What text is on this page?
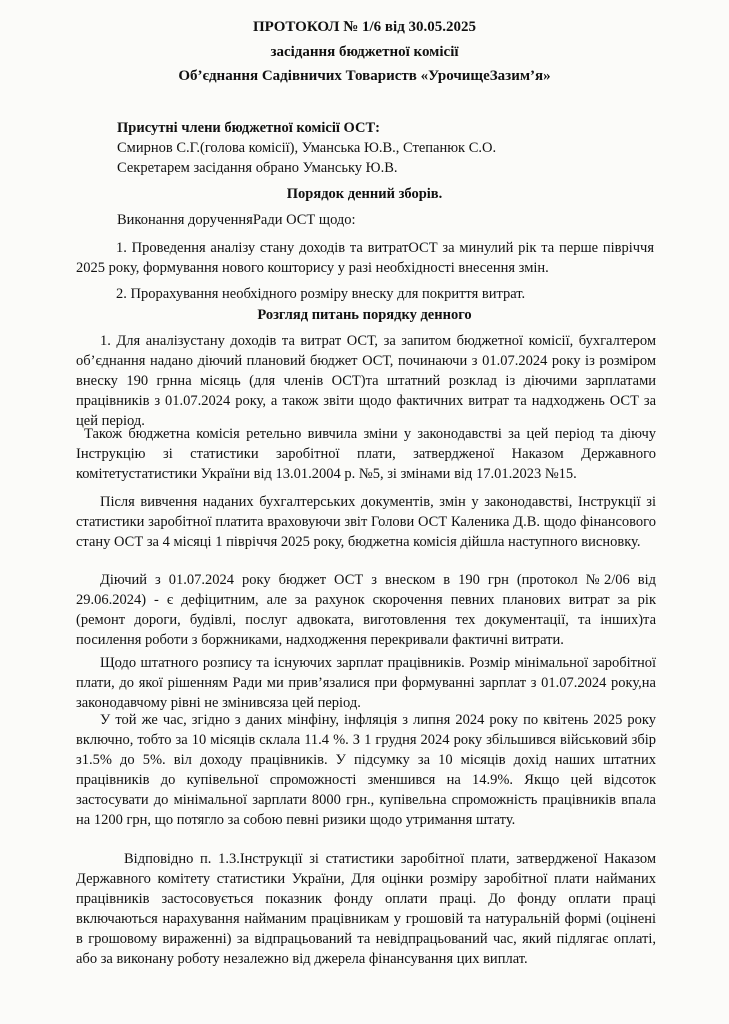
ПРОТОКОЛ № 1/6 від 30.05.2025
засідання бюджетної комісії
Об’єднання Садівничих Товариств «УрочищеЗазим’я»
Присутні члени бюджетної комісії ОСТ:
Смирнов С.Г.(голова комісії), Уманська Ю.В., Степанюк С.О.
Секретарем засідання обрано Уманську Ю.В.
Порядок денний зборів.
Виконання дорученняРади ОСТ щодо:
1. Проведення аналізу стану доходів та витратОСТ за минулий рік та перше півріччя 2025 року, формування нового кошторису у разі необхідності внесення змін.
2. Прорахування необхідного розміру внеску для покриття витрат.
Розгляд питань порядку денного
1. Для аналізустану доходів та витрат ОСТ, за запитом бюджетної комісії, бухгалтером об’єднання надано діючий плановий бюджет ОСТ, починаючи з 01.07.2024 року із розміром внеску 190 грнна місяць (для членів ОСТ)та штатний розклад із діючими зарплатами працівників з 01.07.2024 року, а також звіти щодо фактичних витрат та надходжень ОСТ за цей період.
Також бюджетна комісія ретельно вивчила зміни у законодавстві за цей період та діючу Інструкцію зі статистики заробітної плати, затвердженої Наказом Державного комітетустатистики України від 13.01.2004 р. №5, зі змінами від 17.01.2023 №15.
Після вивчення наданих бухгалтерських документів, змін у законодавстві, Інструкції зі статистики заробітної платита враховуючи звіт Голови ОСТ Каленика Д.В. щодо фінансового стану ОСТ за 4 місяці 1 півріччя 2025 року, бюджетна комісія дійшла наступного висновку.
Діючий з 01.07.2024 року бюджет ОСТ з внеском в 190 грн (протокол №2/06 від 29.06.2024) - є дефіцитним, але за рахунок скорочення певних планових витрат за рік (ремонт дороги, будівлі, послуг адвоката, виготовлення тех документації, та інших)та посилення роботи з боржниками, надходження перекривали фактичні витрати.
Щодо штатного розпису та існуючих зарплат працівників. Розмір мінімальної заробітної плати, до якої рішенням Ради ми прив’язалися при формуванні зарплат з 01.07.2024 року,на законодавчому рівні не змінивсяза цей період.
У той же час, згідно з даних мінфіну, інфляція з липня 2024 року по квітень 2025 року включно, тобто за 10 місяців склала 11.4 %. З 1 грудня 2024 року збільшився військовий збір з1.5% до 5%. віл доходу працівників. У підсумку за 10 місяців дохід наших штатних працівників до купівельної спроможності зменшився на 14.9%. Якщо цей відсоток застосувати до мінімальної зарплати 8000 грн., купівельна спроможність працівників впала на 1200 грн, що потягло за собою певні ризики щодо утримання штату.
Відповідно п. 1.3.Інструкції зі статистики заробітної плати, затвердженої Наказом Державного комітету статистики України, Для оцінки розміру заробітної плати найманих працівників застосовується показник фонду оплати праці. До фонду оплати праці включаються нарахування найманим працівникам у грошовій та натуральній формі (оцінені в грошовому вираженні) за відпрацьований та невідпрацьований час, який підлягає оплаті, або за виконану роботу незалежно від джерела фінансування цих виплат.
